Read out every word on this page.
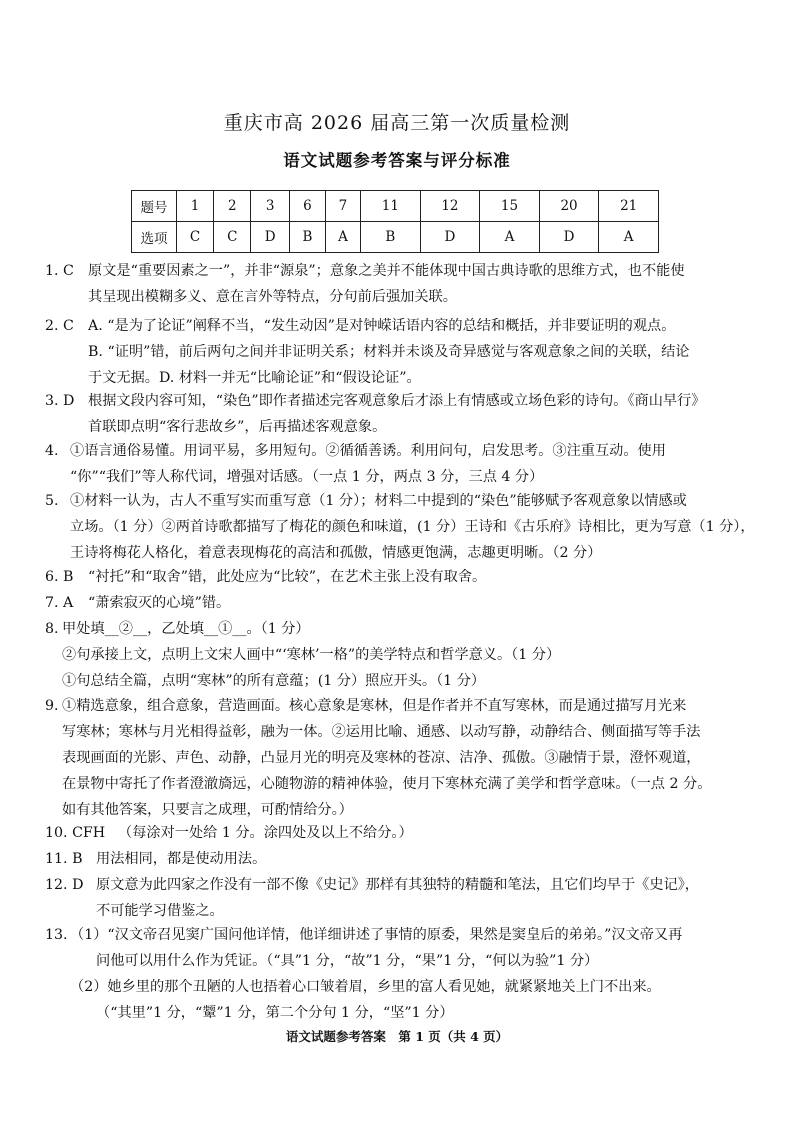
重庆市高 2026 届高三第一次质量检测
语文试题参考答案与评分标准
题号	1	2	3	6	7	11	12	15	20	21
选项	C	C	D	B	A	B	D	A	D	A
1. C 原文是“重要因素之一”，并非“源泉”；意象之美并不能体现中国古典诗歌的思维方式，也不能使
其呈现出模糊多义、意在言外等特点，分句前后强加关联。
2. C A. “是为了论证”阐释不当，“发生动因”是对钟嵘话语内容的总结和概括，并非要证明的观点。
B. “证明”错，前后两句之间并非证明关系；材料并未谈及奇异感觉与客观意象之间的关联，结论
于文无据。D. 材料一并无“比喻论证”和“假设论证”。
3. D 根据文段内容可知，“染色”即作者描述完客观意象后才添上有情感或立场色彩的诗句。《商山早行》
首联即点明“客行悲故乡”，后再描述客观意象。
4. ①语言通俗易懂。用词平易，多用短句。②循循善诱。利用问句，启发思考。③注重互动。使用
“你”“我们”等人称代词，增强对话感。（一点 1 分，两点 3 分，三点 4 分）
5. ①材料一认为，古人不重写实而重写意（1 分）；材料二中提到的“染色”能够赋予客观意象以情感或
立场。（1 分）②两首诗歌都描写了梅花的颜色和味道，(1 分）王诗和《古乐府》诗相比，更为写意（1 分），
王诗将梅花人格化，着意表现梅花的高洁和孤傲，情感更饱满，志趣更明晰。（2 分）
6. B “衬托”和“取舍”错，此处应为“比较”，在艺术主张上没有取舍。
7. A “萧索寂灭的心境”错。
8. 甲处填__②__，乙处填__①__。（1 分）
②句承接上文，点明上文宋人画中“‘寒林’一格”的美学特点和哲学意义。（1 分）
①句总结全篇，点明“寒林”的所有意蕴；(1 分）照应开头。（1 分）
9. ①精选意象，组合意象，营造画面。核心意象是寒林，但是作者并不直写寒林，而是通过描写月光来
写寒林；寒林与月光相得益彰，融为一体。②运用比喻、通感、以动写静，动静结合、侧面描写等手法
表现画面的光影、声色、动静，凸显月光的明亮及寒林的苍凉、洁净、孤傲。③融情于景，澄怀观道，
在景物中寄托了作者澄澈旖远，心随物游的精神体验，使月下寒林充满了美学和哲学意味。（一点 2 分。
如有其他答案，只要言之成理，可酌情给分。）
10. CFH （每涂对一处给 1 分。涂四处及以上不给分。）
11. B 用法相同，都是使动用法。
12. D 原文意为此四家之作没有一部不像《史记》那样有其独特的精髓和笔法，且它们均早于《史记》，
不可能学习借鉴之。
13. （1）“汉文帝召见窦广国问他详情，他详细讲述了事情的原委，果然是窦皇后的弟弟。”汉文帝又再
问他可以用什么作为凭证。（“具”1 分，“故”1 分，“果”1 分，“何以为验”1 分）
（2）她乡里的那个丑陋的人也捂着心口皱着眉，乡里的富人看见她，就紧紧地关上门不出来。
（“其里”1 分，“颦”1 分，第二个分句 1 分，“坚”1 分）
语文试题参考答案　第 1 页（共 4 页）
